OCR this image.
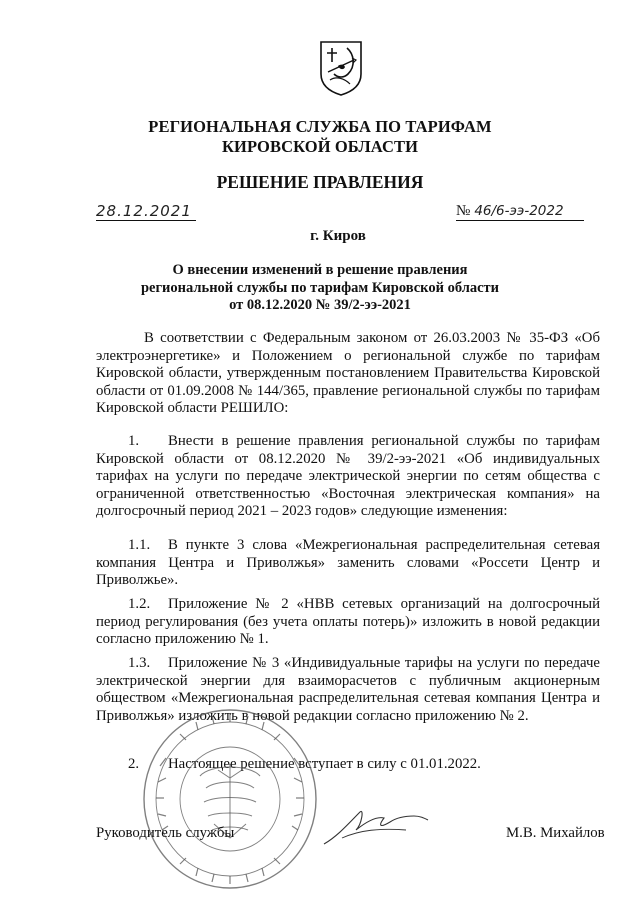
РЕГИОНАЛЬНАЯ СЛУЖБА ПО ТАРИФАМ
КИРОВСКОЙ ОБЛАСТИ
РЕШЕНИЕ ПРАВЛЕНИЯ
28.12.2021	№ 46/6-ээ-2022
г. Киров
О внесении изменений в решение правления
региональной службы по тарифам Кировской области
от 08.12.2020 № 39/2-ээ-2021

В соответствии с Федеральным законом от 26.03.2003 № 35-ФЗ «Об электроэнергетике» и Положением о региональной службе по тарифам Кировской области, утвержденным постановлением Правительства Кировской области от 01.09.2008 № 144/365, правление региональной службы по тарифам Кировской области РЕШИЛО:

Внести в решение правления региональной службы по тарифам Кировской области от 08.12.2020 № 39/2-ээ-2021 «Об индивидуальных тарифах на услуги по передаче электрической энергии по сетям общества с ограниченной ответственностью «Восточная электрическая компания» на долгосрочный период 2021 – 2023 годов» следующие изменения:

1.

В пункте 3 слова «Межрегиональная распределительная сетевая компания Центра и Приволжья» заменить словами «Россети Центр и Приволжье».

1.1.

Приложение № 2 «НВВ сетевых организаций на долгосрочный период регулирования (без учета оплаты потерь)» изложить в новой редакции согласно приложению № 1.

1.2.

Приложение № 3 «Индивидуальные тарифы на услуги по передаче электрической энергии для взаиморасчетов с публичным акционерным обществом «Межрегиональная распределительная сетевая компания Центра и Приволжья» изложить в новой редакции согласно приложению № 2.

1.3.

Настоящее решение вступает в силу с 01.01.2022.

2.
Руководитель службы	М.В. Михайлов
